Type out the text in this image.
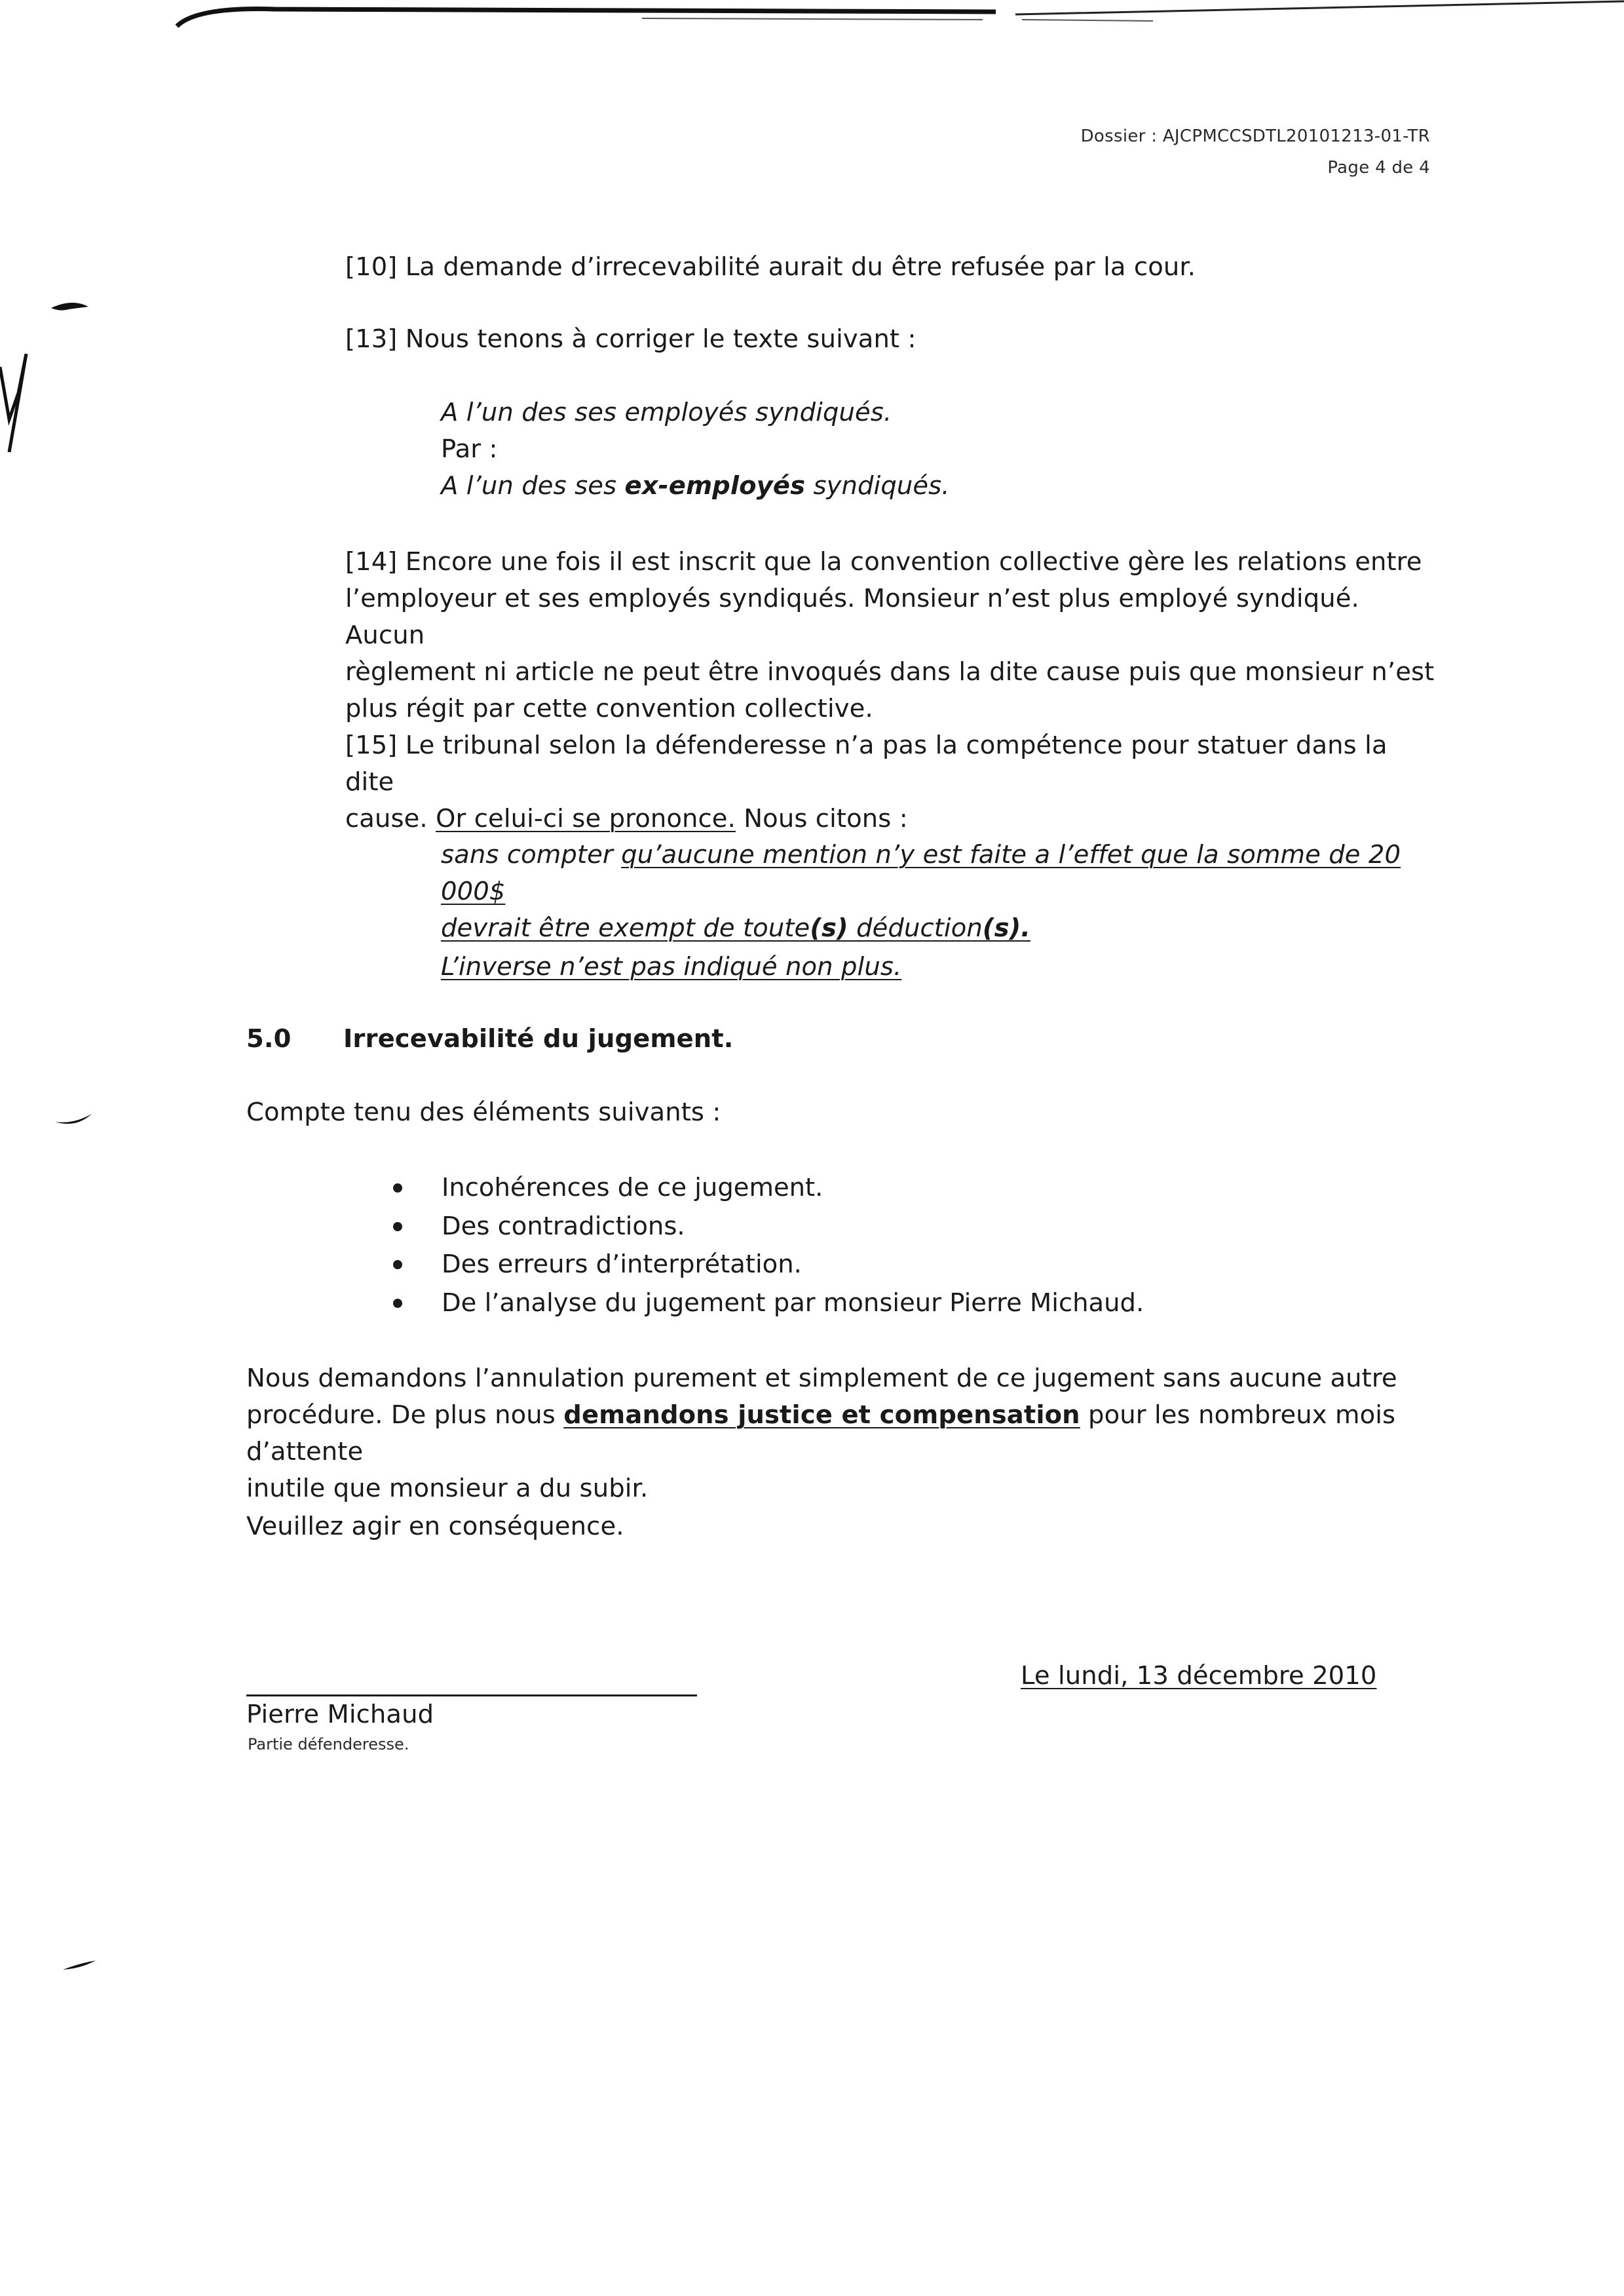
Dossier : AJCPMCCSDTL20101213-01-TR
Page 4 de 4

[10] La demande d’irrecevabilité aurait du être refusée par la cour.

[13] Nous tenons à corriger le texte suivant :

A l’un des ses employés syndiqués.
Par :
A l’un des ses ex-employés syndiqués.
[14] Encore une fois il est inscrit que la convention collective gère les relations entre
l’employeur et ses employés syndiqués. Monsieur n’est plus employé syndiqué. Aucun
règlement ni article ne peut être invoqués dans la dite cause puis que monsieur n’est
plus régit par cette convention collective.
[15] Le tribunal selon la défenderesse n’a pas la compétence pour statuer dans la dite
cause. Or celui-ci se prononce. Nous citons :
sans compter qu’aucune mention n’y est faite a l’effet que la somme de 20 000$
devrait être exempt de toute(s) déduction(s).
L’inverse n’est pas indiqué non plus.
5.0 Irrecevabilité du jugement.

Compte tenu des éléments suivants :

Incohérences de ce jugement.
Des contradictions.
Des erreurs d’interprétation.
De l’analyse du jugement par monsieur Pierre Michaud.
Nous demandons l’annulation purement et simplement de ce jugement sans aucune autre
procédure. De plus nous demandons justice et compensation pour les nombreux mois d’attente
inutile que monsieur a du subir.

Veuillez agir en conséquence.

Le lundi, 13 décembre 2010
Pierre Michaud
Partie défenderesse.
